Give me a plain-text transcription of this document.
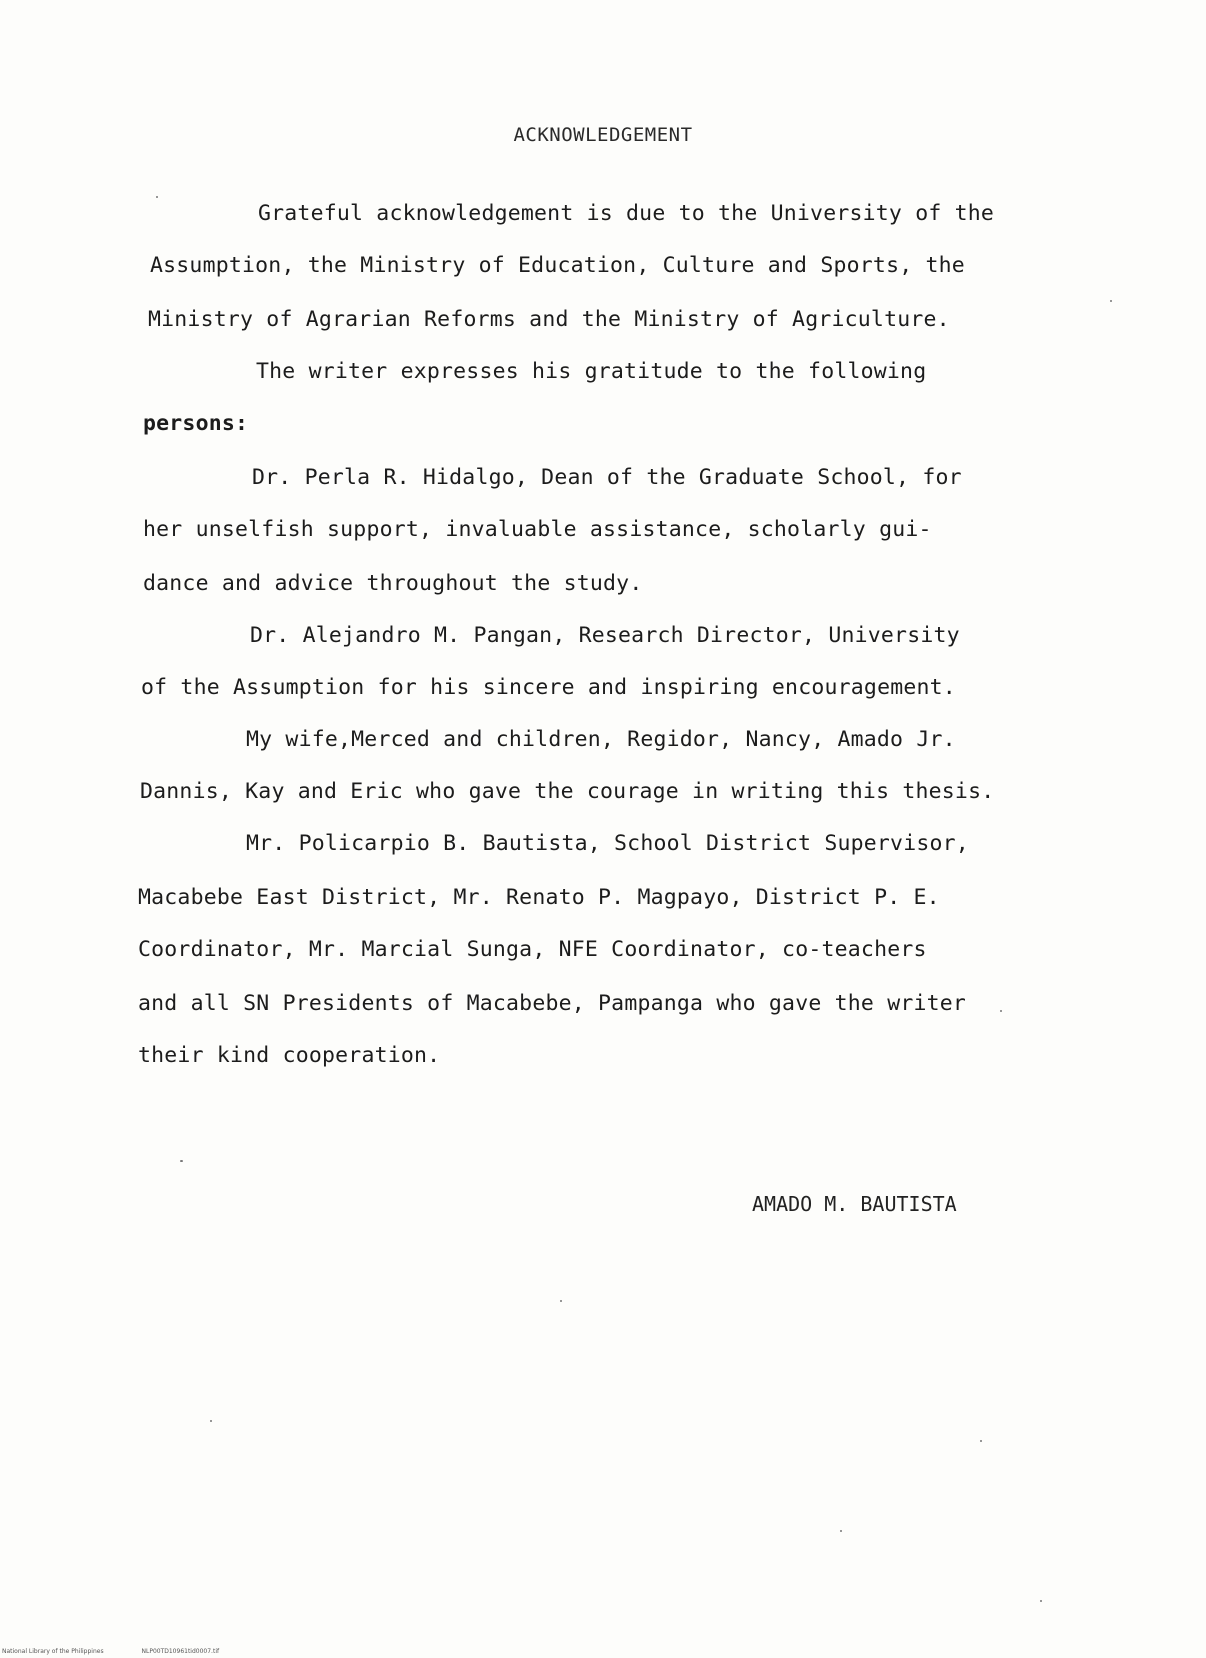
ACKNOWLEDGEMENT
Grateful acknowledgement is due to the University of the
Assumption, the Ministry of Education, Culture and Sports, the
Ministry of Agrarian Reforms and the Ministry of Agriculture.
The writer expresses his gratitude to the following
persons:
Dr. Perla R. Hidalgo, Dean of the Graduate School, for
her unselfish support, invaluable assistance, scholarly gui-
dance and advice throughout the study.
Dr. Alejandro M. Pangan, Research Director, University
of the Assumption for his sincere and inspiring encouragement.
My wife,Merced and children, Regidor, Nancy, Amado Jr.
Dannis, Kay and Eric who gave the courage in writing this thesis.
Mr. Policarpio B. Bautista, School District Supervisor,
Macabebe East District, Mr. Renato P. Magpayo, District P. E.
Coordinator, Mr. Marcial Sunga, NFE Coordinator, co-teachers
and all SN Presidents of Macabebe, Pampanga who gave the writer
their kind cooperation.
AMADO M. BAUTISTA
National Library of the Philippines	NLP00TD10961tid0007.tif
